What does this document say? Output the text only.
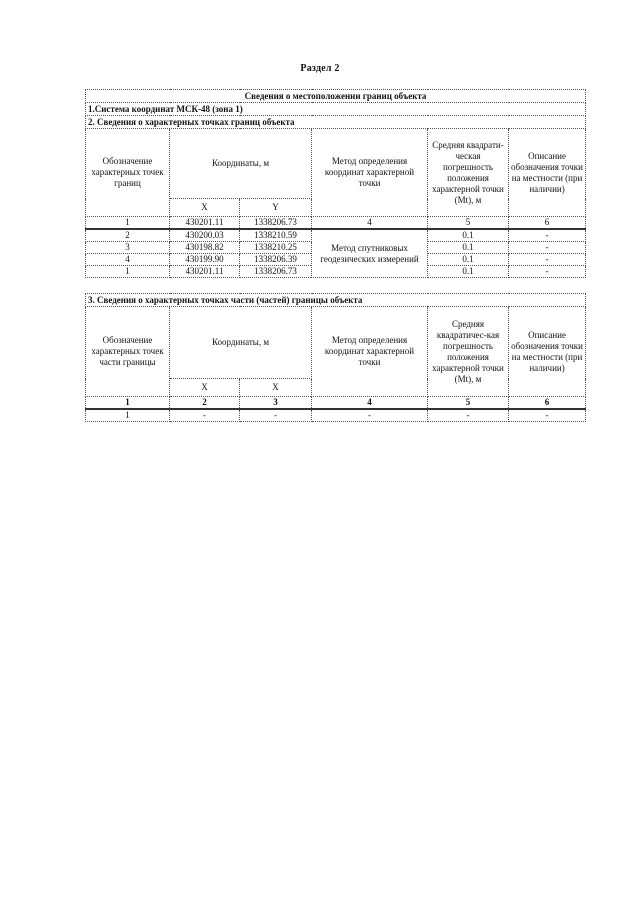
Раздел 2
Сведения о местоположении границ объекта					
1.Система координат МСК-48 (зона 1)					
2. Сведения о характерных точках границ объекта					
Обозначение характерных точек границ	Координаты, м		Метод определения координат характерной точки	Средняя квадрати-ческая погрешность положения характерной точки (Mt), м	Описание обозначения точки на местности (при наличии)
	X	Y			
1	430201.11	1338206.73	4	5	6
2	430200.03	1338210.59	Метод спутниковых геодезических измерений	0.1	-
3	430198.82	1338210.25		0.1	-
4	430199.90	1338206.39		0.1	-
1	430201.11	1338206.73		0.1	-
3. Сведения о характерных точках части (частей) границы объекта					
Обозначение характерных точек части границы	Координаты, м		Метод определения координат характерной точки	Средняя квадратичес-кая погрешность положения характерной точки (Mt), м	Описание обозначения точки на местности (при наличии)
	X	X			
1	2	3	4	5	6
1	-	-	-	-	-
